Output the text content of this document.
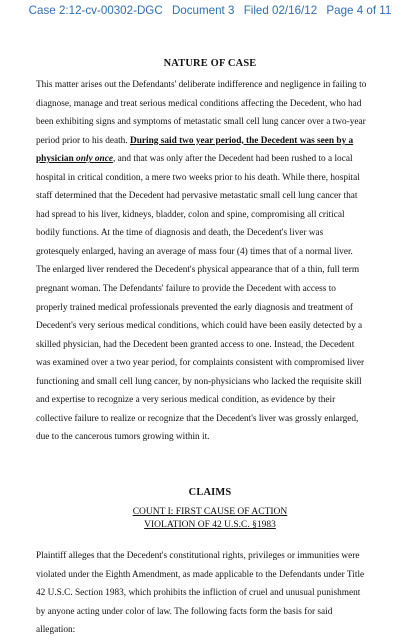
Case 2:12-cv-00302-DGC Document 3 Filed 02/16/12 Page 4 of 11
NATURE OF CASE
This matter arises out the Defendants' deliberate indifference and negligence in failing to
diagnose, manage and treat serious medical conditions affecting the Decedent, who had
been exhibiting signs and symptoms of metastatic small cell lung cancer over a two-year
period prior to his death. During said two year period, the Decedent was seen by a
physician only once, and that was only after the Decedent had been rushed to a local
hospital in critical condition, a mere two weeks prior to his death. While there, hospital
staff determined that the Decedent had pervasive metastatic small cell lung cancer that
had spread to his liver, kidneys, bladder, colon and spine, compromising all critical
bodily functions. At the time of diagnosis and death, the Decedent's liver was
grotesquely enlarged, having an average of mass four (4) times that of a normal liver.
The enlarged liver rendered the Decedent's physical appearance that of a thin, full term
pregnant woman. The Defendants' failure to provide the Decedent with access to
properly trained medical professionals prevented the early diagnosis and treatment of
Decedent's very serious medical conditions, which could have been easily detected by a
skilled physician, had the Decedent been granted access to one. Instead, the Decedent
was examined over a two year period, for complaints consistent with compromised liver
functioning and small cell lung cancer, by non-physicians who lacked the requisite skill
and expertise to recognize a very serious medical condition, as evidence by their
collective failure to realize or recognize that the Decedent's liver was grossly enlarged,
due to the cancerous tumors growing within it.
CLAIMS
COUNT I: FIRST CAUSE OF ACTION
VIOLATION OF 42 U.S.C. §1983
Plaintiff alleges that the Decedent's constitutional rights, privileges or immunities were
violated under the Eighth Amendment, as made applicable to the Defendants under Title
42 U.S.C. Section 1983, which prohibits the infliction of cruel and unusual punishment
by anyone acting under color of law. The following facts form the basis for said
allegation:
